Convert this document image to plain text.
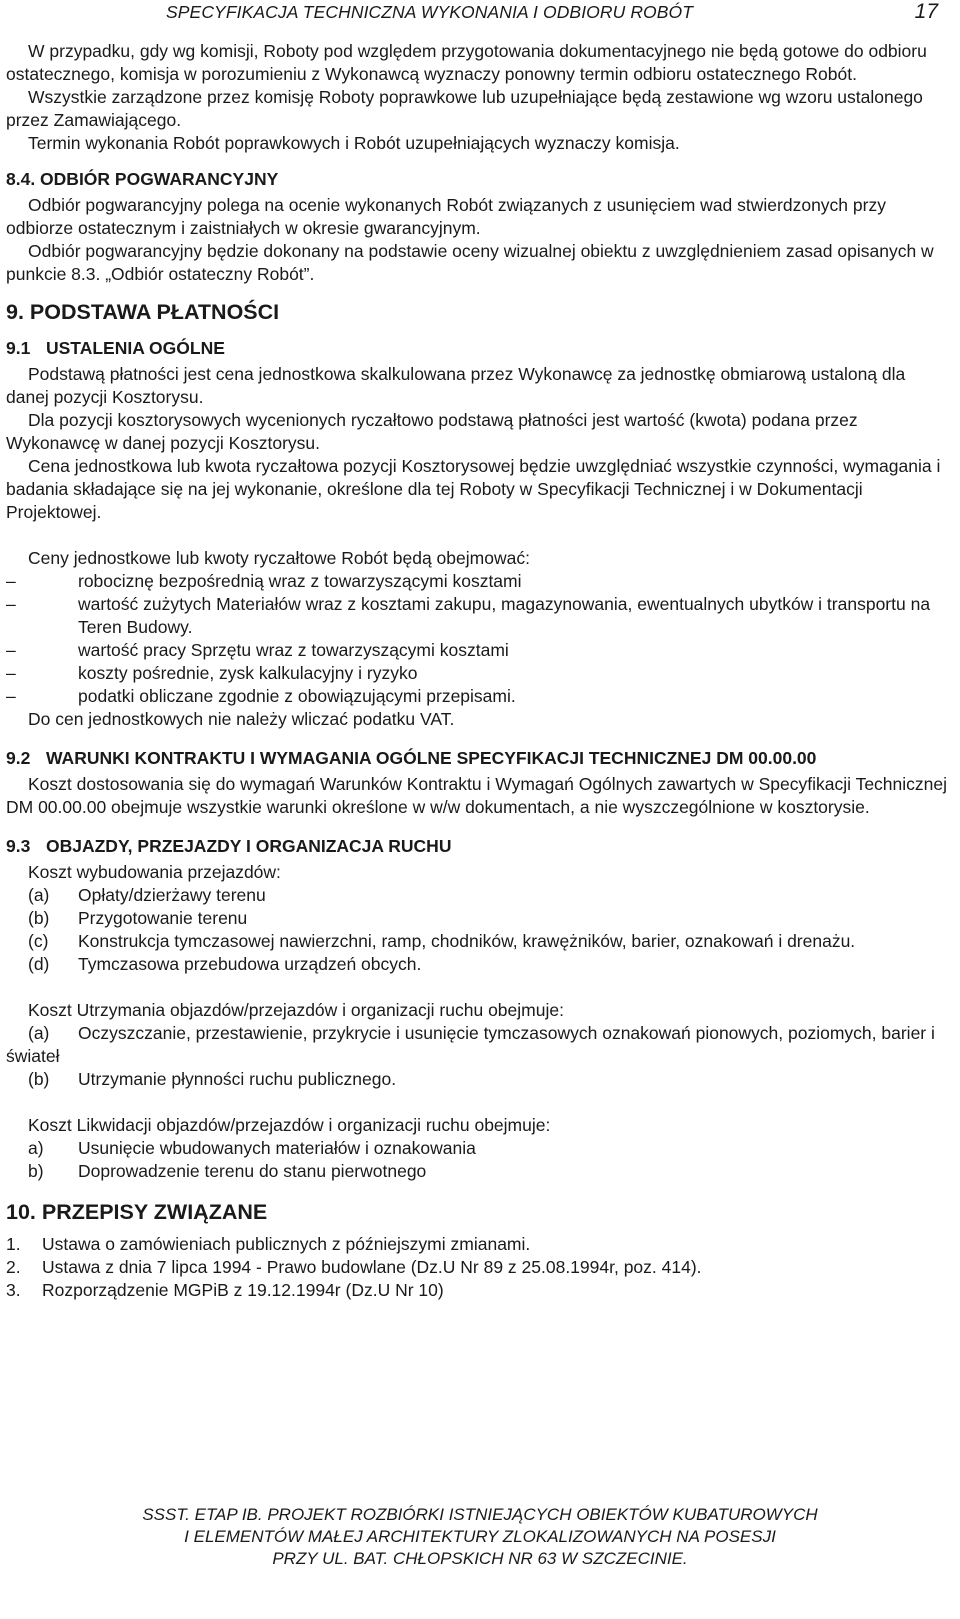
SPECYFIKACJA TECHNICZNA WYKONANIA I ODBIORU ROBÓT	17

W przypadku, gdy wg komisji, Roboty pod względem przygotowania dokumentacyjnego nie będą gotowe do odbioru ostatecznego, komisja w porozumieniu z Wykonawcą wyznaczy ponowny termin odbioru ostatecznego Robót.

Wszystkie zarządzone przez komisję Roboty poprawkowe lub uzupełniające będą zestawione wg wzoru ustalonego przez Zamawiającego.

Termin wykonania Robót poprawkowych i Robót uzupełniających wyznaczy komisja.

8.4. ODBIÓR POGWARANCYJNY

Odbiór pogwarancyjny polega na ocenie wykonanych Robót związanych z usunięciem wad stwierdzonych przy odbiorze ostatecznym i zaistniałych w okresie gwarancyjnym.

Odbiór pogwarancyjny będzie dokonany na podstawie oceny wizualnej obiektu z uwzględnieniem zasad opisanych w punkcie 8.3. „Odbiór ostateczny Robót”.

9. PODSTAWA PŁATNOŚCI

9.1 USTALENIA OGÓLNE

Podstawą płatności jest cena jednostkowa skalkulowana przez Wykonawcę za jednostkę obmiarową ustaloną dla danej pozycji Kosztorysu.

Dla pozycji kosztorysowych wycenionych ryczałtowo podstawą płatności jest wartość (kwota) podana przez Wykonawcę w danej pozycji Kosztorysu.

Cena jednostkowa lub kwota ryczałtowa pozycji Kosztorysowej będzie uwzględniać wszystkie czynności, wymagania i badania składające się na jej wykonanie, określone dla tej Roboty w Specyfikacji Technicznej i w Dokumentacji Projektowej.

Ceny jednostkowe lub kwoty ryczałtowe Robót będą obejmować:

–	robociznę bezpośrednią wraz z towarzyszącymi kosztami
–	wartość zużytych Materiałów wraz z kosztami zakupu, magazynowania, ewentualnych ubytków i transportu na Teren Budowy.
–	wartość pracy Sprzętu wraz z towarzyszącymi kosztami
–	koszty pośrednie, zysk kalkulacyjny i ryzyko
–	podatki obliczane zgodnie z obowiązującymi przepisami.

Do cen jednostkowych nie należy wliczać podatku VAT.

9.2 WARUNKI KONTRAKTU I WYMAGANIA OGÓLNE SPECYFIKACJI TECHNICZNEJ DM 00.00.00

Koszt dostosowania się do wymagań Warunków Kontraktu i Wymagań Ogólnych zawartych w Specyfikacji Technicznej DM 00.00.00 obejmuje wszystkie warunki określone w w/w dokumentach, a nie wyszczególnione w kosztorysie.

9.3 OBJAZDY, PRZEJAZDY I ORGANIZACJA RUCHU

Koszt wybudowania przejazdów:

(a)	Opłaty/dzierżawy terenu
(b)	Przygotowanie terenu

(c) Konstrukcja tymczasowej nawierzchni, ramp, chodników, krawężników, barier, oznakowań i drenażu.

(d)	Tymczasowa przebudowa urządzeń obcych.

Koszt Utrzymania objazdów/przejazdów i organizacji ruchu obejmuje:

(a) Oczyszczanie, przestawienie, przykrycie i usunięcie tymczasowych oznakowań pionowych, poziomych, barier i świateł

(b)	Utrzymanie płynności ruchu publicznego.

Koszt Likwidacji objazdów/przejazdów i organizacji ruchu obejmuje:

a)	Usunięcie wbudowanych materiałów i oznakowania
b)	Doprowadzenie terenu do stanu pierwotnego

10. PRZEPISY ZWIĄZANE

1.	Ustawa o zamówieniach publicznych z późniejszymi zmianami.
2.	Ustawa z dnia 7 lipca 1994 - Prawo budowlane (Dz.U Nr 89 z 25.08.1994r, poz. 414).
3.	Rozporządzenie MGPiB z 19.12.1994r (Dz.U Nr 10)
SSST. ETAP IB. PROJEKT ROZBIÓRKI ISTNIEJĄCYCH OBIEKTÓW KUBATUROWYCH
I ELEMENTÓW MAŁEJ ARCHITEKTURY ZLOKALIZOWANYCH NA POSESJI
PRZY UL. BAT. CHŁOPSKICH NR 63 W SZCZECINIE.
